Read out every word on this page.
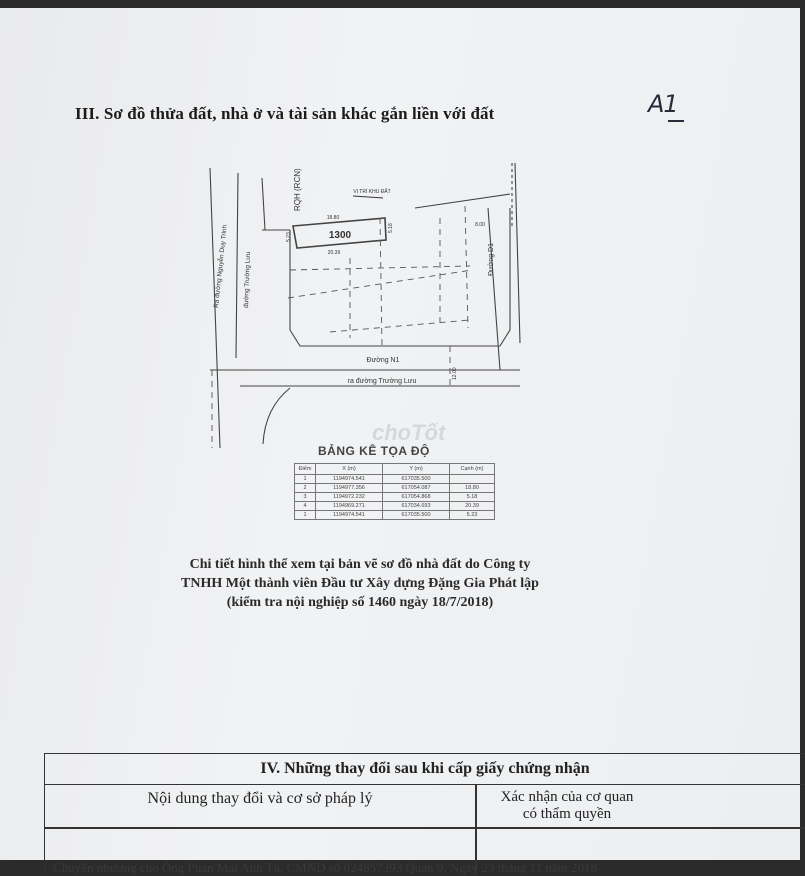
III. Sơ đồ thửa đất, nhà ở và tài sản khác gắn liền với đất	A1
1300
VỊ TRÍ KHU ĐẤT
RQH (RCN)
Ra đường Nguyễn Duy Trinh đường Trường Lưu	Đường D1
Đường N1
ra đường Trường Lưu
18.80
20.39
5.23
5.18	8.00
12.00
choTốt
BẢNG KÊ TỌA ĐỘ
Điểm	X (m)	Y (m)	Cạnh (m)
1	1194974.541	617035.500	
2	1194977.356	617054.087	18.80
3	1194972.232	617054.868	5.18
4	1194969.271	617034.693	20.39
1	1194974.541	617035.500	5.23
Chi tiết hình thể xem tại bản vẽ sơ đồ nhà đất do Công ty
TNHH Một thành viên Đầu tư Xây dựng Đặng Gia Phát lập
(kiểm tra nội nghiệp số 1460 ngày 18/7/2018)
IV. Những thay đổi sau khi cấp giấy chứng nhận
Nội dung thay đổi và cơ sở pháp lý	Xác nhận của cơ quan
có thẩm quyền
Chuyển nhượng cho Ông Phan Mai Anh Tú, CMND số 024857393 Quận 9, Ngày 23 tháng 11 năm 2018
